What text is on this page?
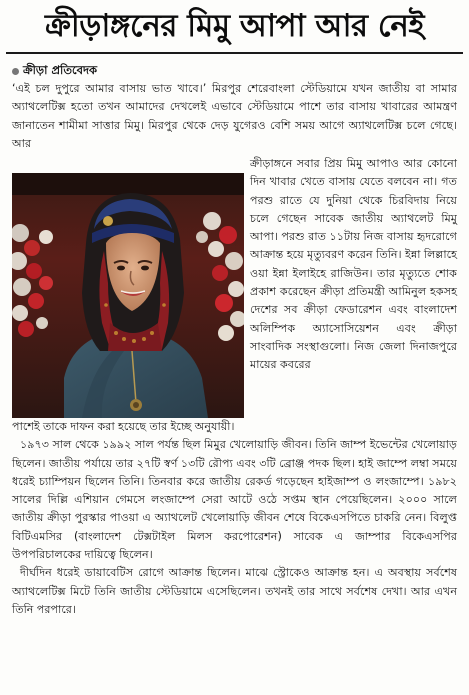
ক্রীড়াঙ্গনের মিমু আপা আর নেই
ক্রীড়া প্রতিবেদক

‘এই চল দুপুরে আমার বাসায় ভাত খাবে।’ মিরপুর শেরেবাংলা স্টেডিয়ামে যখন জাতীয় বা সামার অ্যাথলেটিক্স হতো তখন আমাদের দেখলেই এভাবে স্টেডিয়ামে পাশে তার বাসায় খাবারের আমন্ত্রণ জানাতেন শামীমা সাত্তার মিমু। মিরপুর থেকে দেড় যুগেরও বেশি সময় আগে অ্যাথলেটিক্স চলে গেছে। আর

ক্রীড়াঙ্গনে সবার প্রিয় মিমু আপাও আর কোনো দিন খাবার খেতে বাসায় যেতে বলবেন না। গত পরশু রাতে যে দুনিয়া থেকে চিরবিদায় নিয়ে চলে গেছেন সাবেক জাতীয় অ্যাথলেট মিমু আপা। পরশু রাত ১১টায় নিজ বাসায় হৃদরোগে আক্রান্ত হয়ে মৃত্যুবরণ করেন তিনি। ইন্না লিল্লাহে ওয়া ইন্না ইলাইহে রাজিউন। তার মৃত্যুতে শোক প্রকাশ করেছেন ক্রীড়া প্রতিমন্ত্রী আমিনুল হকসহ দেশের সব ক্রীড়া ফেডারেশন এবং বাংলাদেশ অলিম্পিক অ্যাসোসিয়েশন এবং ক্রীড়া সাংবাদিক সংস্থাগুলো। নিজ জেলা দিনাজপুরে মায়ের কবরের

পাশেই তাকে দাফন করা হয়েছে তার ইচ্ছে অনুযায়ী।

১৯৭৩ সাল থেকে ১৯৯২ সাল পর্যন্ত ছিল মিমুর খেলোয়াড়ি জীবন। তিনি জাম্প ইভেন্টের খেলোয়াড় ছিলেন। জাতীয় পর্যায়ে তার ২৭টি স্বর্ণ ১৩টি রৌপ্য এবং ৩টি ব্রোঞ্জ পদক ছিল। হাই জাম্পে লম্বা সময়ে ধরেই চ্যাম্পিয়ন ছিলেন তিনি। তিনবার করে জাতীয় রেকর্ড গড়েছেন হাইজাম্প ও লংজাম্পে। ১৯৮২ সালের দিল্লি এশিয়ান গেমসে লংজাম্পে সেরা আটে ওঠে সপ্তম স্থান পেয়েছিলেন। ২০০০ সালে জাতীয় ক্রীড়া পুরস্কার পাওয়া এ অ্যাথলেট খেলোয়াড়ি জীবন শেষে বিকেএসপিতে চাকরি নেন। বিলুপ্ত বিটিএমসির (বাংলাদেশ টেক্সটাইল মিলস করপোরেশন) সাবেক এ জাম্পার বিকেএসপির উপপরিচালকের দায়িত্বে ছিলেন।

দীর্ঘদিন ধরেই ডায়াবেটিস রোগে আক্রান্ত ছিলেন। মাঝে স্ট্রোকেও আক্রান্ত হন। এ অবস্থায় সর্বশেষ অ্যাথলেটিক্স মিটে তিনি জাতীয় স্টেডিয়ামে এসেছিলেন। তখনই তার সাথে সর্বশেষ দেখা। আর এখন তিনি পরপারে।
